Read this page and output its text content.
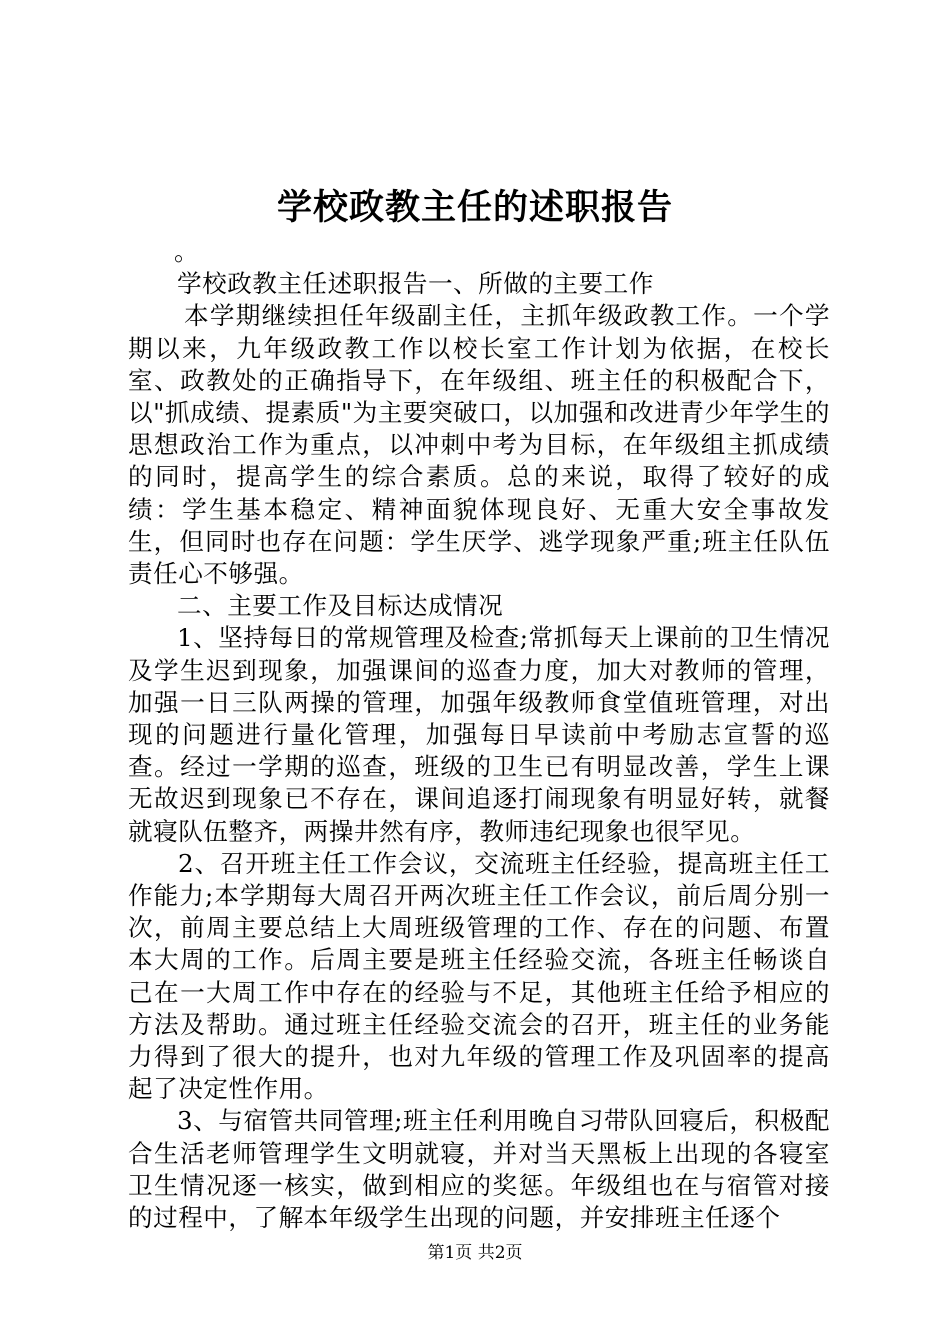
学校政教主任的述职报告

。

学校政教主任述职报告一、所做的主要工作

本学期继续担任年级副主任，主抓年级政教工作。一个学期以来，九年级政教工作以校长室工作计划为依据，在校长室、政教处的正确指导下，在年级组、班主任的积极配合下，以"抓成绩、提素质"为主要突破口，以加强和改进青少年学生的思想政治工作为重点，以冲刺中考为目标，在年级组主抓成绩的同时，提高学生的综合素质。总的来说，取得了较好的成绩：学生基本稳定、精神面貌体现良好、无重大安全事故发生，但同时也存在问题：学生厌学、逃学现象严重;班主任队伍责任心不够强。

二、主要工作及目标达成情况

1、坚持每日的常规管理及检查;常抓每天上课前的卫生情况及学生迟到现象，加强课间的巡查力度，加大对教师的管理，加强一日三队两操的管理，加强年级教师食堂值班管理，对出现的问题进行量化管理，加强每日早读前中考励志宣誓的巡查。经过一学期的巡查，班级的卫生已有明显改善，学生上课无故迟到现象已不存在，课间追逐打闹现象有明显好转，就餐就寝队伍整齐，两操井然有序，教师违纪现象也很罕见。

2、召开班主任工作会议，交流班主任经验，提高班主任工作能力;本学期每大周召开两次班主任工作会议，前后周分别一次，前周主要总结上大周班级管理的工作、存在的问题、布置本大周的工作。后周主要是班主任经验交流，各班主任畅谈自己在一大周工作中存在的经验与不足，其他班主任给予相应的方法及帮助。通过班主任经验交流会的召开，班主任的业务能力得到了很大的提升，也对九年级的管理工作及巩固率的提高起了决定性作用。

3、与宿管共同管理;班主任利用晚自习带队回寝后，积极配合生活老师管理学生文明就寝，并对当天黑板上出现的各寝室卫生情况逐一核实，做到相应的奖惩。年级组也在与宿管对接的过程中，了解本年级学生出现的问题，并安排班主任逐个

第1页 共2页
